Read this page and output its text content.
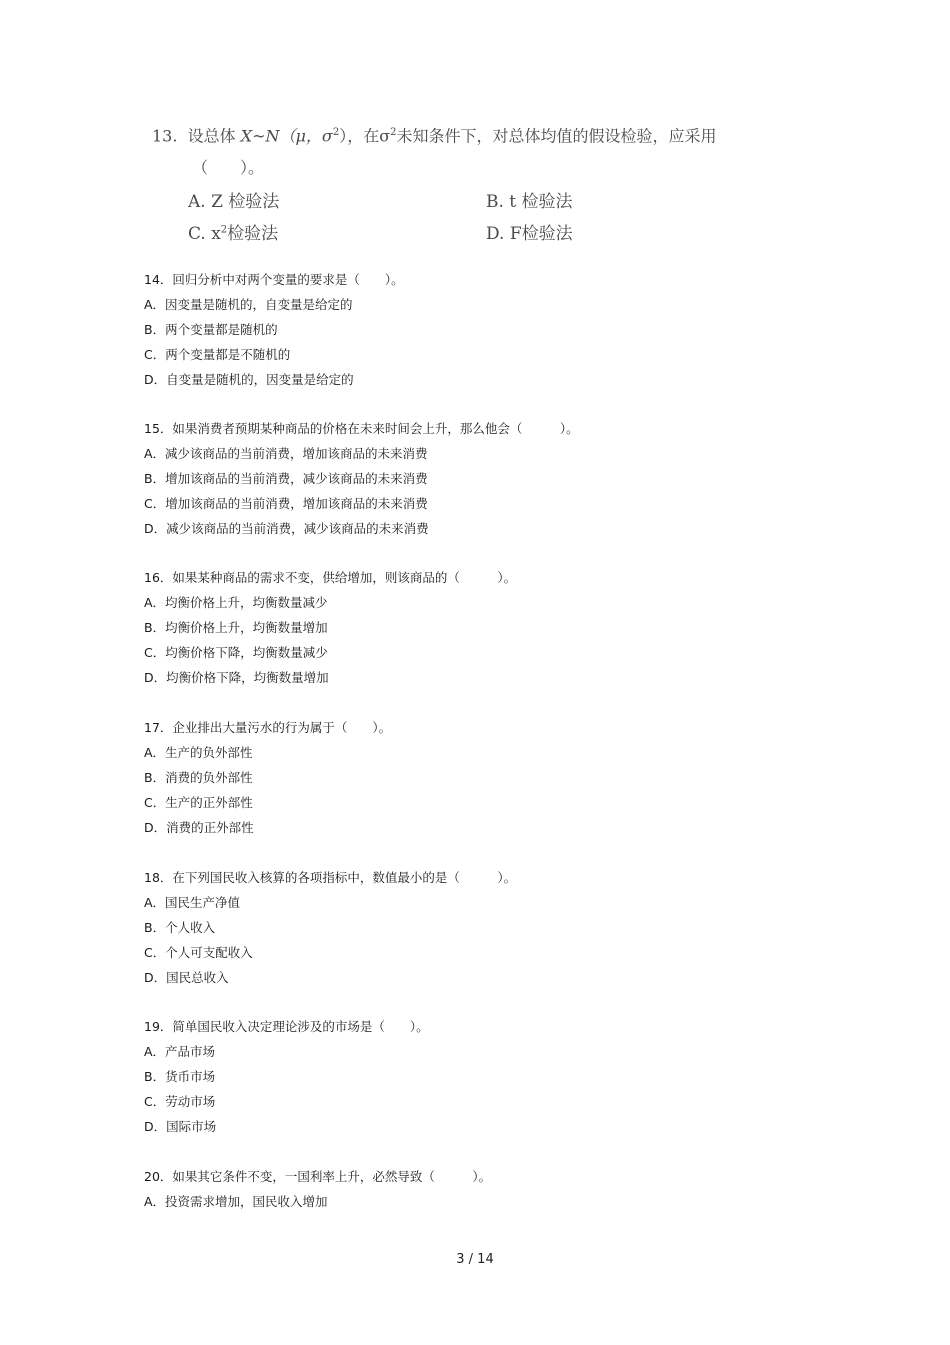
13. 设总体 X~N（μ，$\sigma^2$），在$\sigma^2$未知条件下，对总体均值的假设检验，应采用
（　　）。
A. Z 检验法	B. t 检验法
C. $x^2$检验法	D. F检验法
14．回归分析中对两个变量的要求是（　　）。
A．因变量是随机的，自变量是给定的
B．两个变量都是随机的
C．两个变量都是不随机的
D．自变量是随机的，因变量是给定的
15．如果消费者预期某种商品的价格在未来时间会上升，那么他会（　　　）。
A．减少该商品的当前消费，增加该商品的未来消费
B．增加该商品的当前消费，减少该商品的未来消费
C．增加该商品的当前消费，增加该商品的未来消费
D．减少该商品的当前消费，减少该商品的未来消费
16．如果某种商品的需求不变，供给增加，则该商品的（　　　）。
A．均衡价格上升，均衡数量减少
B．均衡价格上升，均衡数量增加
C．均衡价格下降，均衡数量减少
D．均衡价格下降，均衡数量增加
17．企业排出大量污水的行为属于（　　）。
A．生产的负外部性
B．消费的负外部性
C．生产的正外部性
D．消费的正外部性
18．在下列国民收入核算的各项指标中，数值最小的是（　　　）。
A．国民生产净值
B．个人收入
C．个人可支配收入
D．国民总收入
19．简单国民收入决定理论涉及的市场是（　　）。
A．产品市场
B．货币市场
C．劳动市场
D．国际市场
20．如果其它条件不变，一国利率上升，必然导致（　　　）。
A．投资需求增加，国民收入增加
3 / 14
